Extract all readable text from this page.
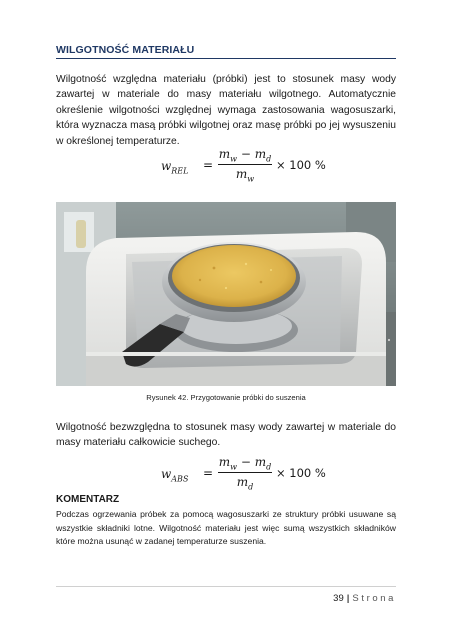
WILGOTNOŚĆ MATERIAŁU

Wilgotność względna materiału (próbki) jest to stosunek masy wody zawartej w materiale do masy materiału wilgotnego. Automatycznie określenie wilgotności względnej wymaga zastosowania wagosuszarki, która wyznacza masą próbki wilgotnej oraz masę próbki po jej wysuszeniu w określonej temperaturze.

$w_{REL}$ =
$m_w - m_d$
$m_w$
× 100 %
Rysunek 42. Przygotowanie próbki do suszenia

Wilgotność bezwzględna to stosunek masy wody zawartej w materiale do masy materiału całkowicie suchego.

$w_{ABS}$ =
$m_w - m_d$
$m_d$
× 100 %
KOMENTARZ

Podczas ogrzewania próbek za pomocą wagosuszarki ze struktury próbki usuwane są wszystkie składniki lotne. Wilgotność materiału jest więc sumą wszystkich składników które można usunąć w zadanej temperaturze suszenia.

39 | Strona
